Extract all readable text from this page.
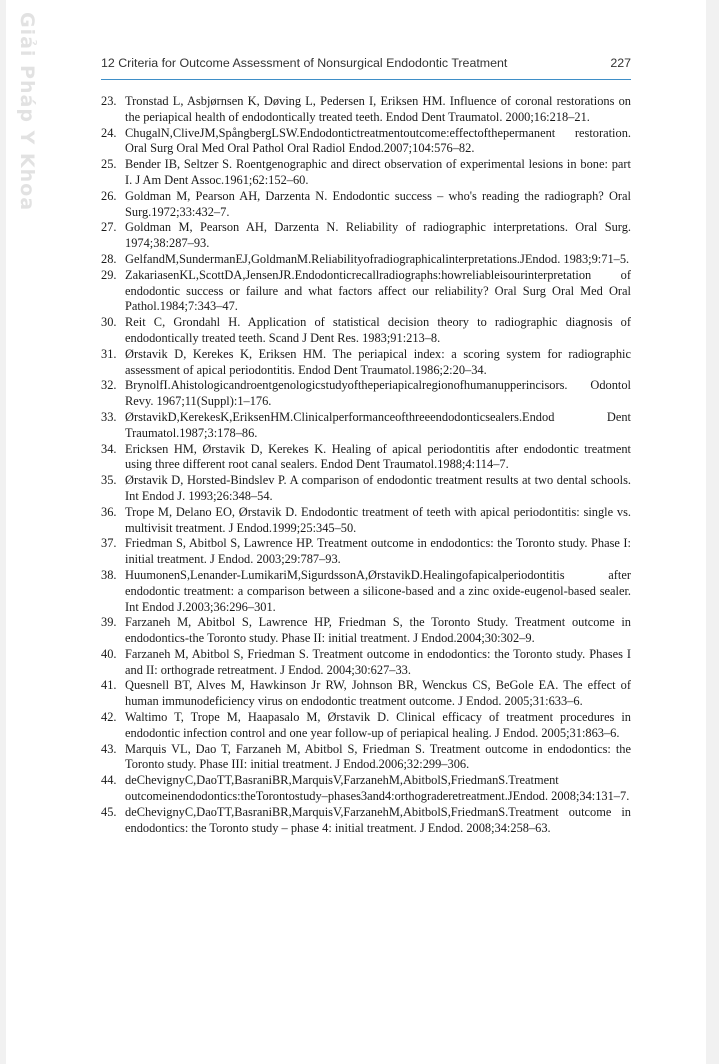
Giải Pháp Y Khoa	12 Criteria for Outcome Assessment of Nonsurgical Endodontic Treatment	227
23. Tronstad L, Asbjørnsen K, Døving L, Pedersen I, Eriksen HM. Influence of coronal restorations on the periapical health of endodontically treated teeth. Endod Dent Traumatol. 2000;16:218–21.
24. ChugalN,CliveJM,SpångbergLSW.Endodontictreatmentoutcome:effectofthepermanent restoration. Oral Surg Oral Med Oral Pathol Oral Radiol Endod.2007;104:576–82.
25. Bender IB, Seltzer S. Roentgenographic and direct observation of experimental lesions in bone: part I. J Am Dent Assoc.1961;62:152–60.
26. Goldman M, Pearson AH, Darzenta N. Endodontic success – who's reading the radiograph? Oral Surg.1972;33:432–7.
27. Goldman M, Pearson AH, Darzenta N. Reliability of radiographic interpretations. Oral Surg. 1974;38:287–93.
28. GelfandM,SundermanEJ,GoldmanM.Reliabilityofradiographicalinterpretations.JEndod. 1983;9:71–5.
29. ZakariasenKL,ScottDA,JensenJR.Endodonticrecallradiographs:howreliableisourinterpretation of endodontic success or failure and what factors affect our reliability? Oral Surg Oral Med Oral Pathol.1984;7:343–47.
30. Reit C, Grondahl H. Application of statistical decision theory to radiographic diagnosis of endodontically treated teeth. Scand J Dent Res. 1983;91:213–8.
31. Ørstavik D, Kerekes K, Eriksen HM. The periapical index: a scoring system for radiographic assessment of apical periodontitis. Endod Dent Traumatol.1986;2:20–34.
32. BrynolfI.Ahistologicandroentgenologicstudyoftheperiapicalregionofhumanupperincisors. Odontol Revy. 1967;11(Suppl):1–176.
33. ØrstavikD,KerekesK,EriksenHM.Clinicalperformanceofthreeendodonticsealers.Endod Dent Traumatol.1987;3:178–86.
34. Ericksen HM, Ørstavik D, Kerekes K. Healing of apical periodontitis after endodontic treatment using three different root canal sealers. Endod Dent Traumatol.1988;4:114–7.
35. Ørstavik D, Horsted-Bindslev P. A comparison of endodontic treatment results at two dental schools. Int Endod J. 1993;26:348–54.
36. Trope M, Delano EO, Ørstavik D. Endodontic treatment of teeth with apical periodontitis: single vs. multivisit treatment. J Endod.1999;25:345–50.
37. Friedman S, Abitbol S, Lawrence HP. Treatment outcome in endodontics: the Toronto study. Phase I: initial treatment. J Endod. 2003;29:787–93.
38. HuumonenS,Lenander-LumikariM,SigurdssonA,ØrstavikD.Healingofapicalperiodontitis after endodontic treatment: a comparison between a silicone-based and a zinc oxide-eugenol-based sealer. Int Endod J.2003;36:296–301.
39. Farzaneh M, Abitbol S, Lawrence HP, Friedman S, the Toronto Study. Treatment outcome in endodontics-the Toronto study. Phase II: initial treatment. J Endod.2004;30:302–9.
40. Farzaneh M, Abitbol S, Friedman S. Treatment outcome in endodontics: the Toronto study. Phases I and II: orthograde retreatment. J Endod. 2004;30:627–33.
41. Quesnell BT, Alves M, Hawkinson Jr RW, Johnson BR, Wenckus CS, BeGole EA. The effect of human immunodeficiency virus on endodontic treatment outcome. J Endod. 2005;31:633–6.
42. Waltimo T, Trope M, Haapasalo M, Ørstavik D. Clinical efficacy of treatment procedures in endodontic infection control and one year follow-up of periapical healing. J Endod. 2005;31:863–6.
43. Marquis VL, Dao T, Farzaneh M, Abitbol S, Friedman S. Treatment outcome in endodontics: the Toronto study. Phase III: initial treatment. J Endod.2006;32:299–306.
44. deChevignyC,DaoTT,BasraniBR,MarquisV,FarzanehM,AbitbolS,FriedmanS.Treatment outcomeinendodontics:theTorontostudy–phases3and4:orthograderetreatment.JEndod. 2008;34:131–7.
45. deChevignyC,DaoTT,BasraniBR,MarquisV,FarzanehM,AbitbolS,FriedmanS.Treatment outcome in endodontics: the Toronto study – phase 4: initial treatment. J Endod. 2008;34:258–63.
